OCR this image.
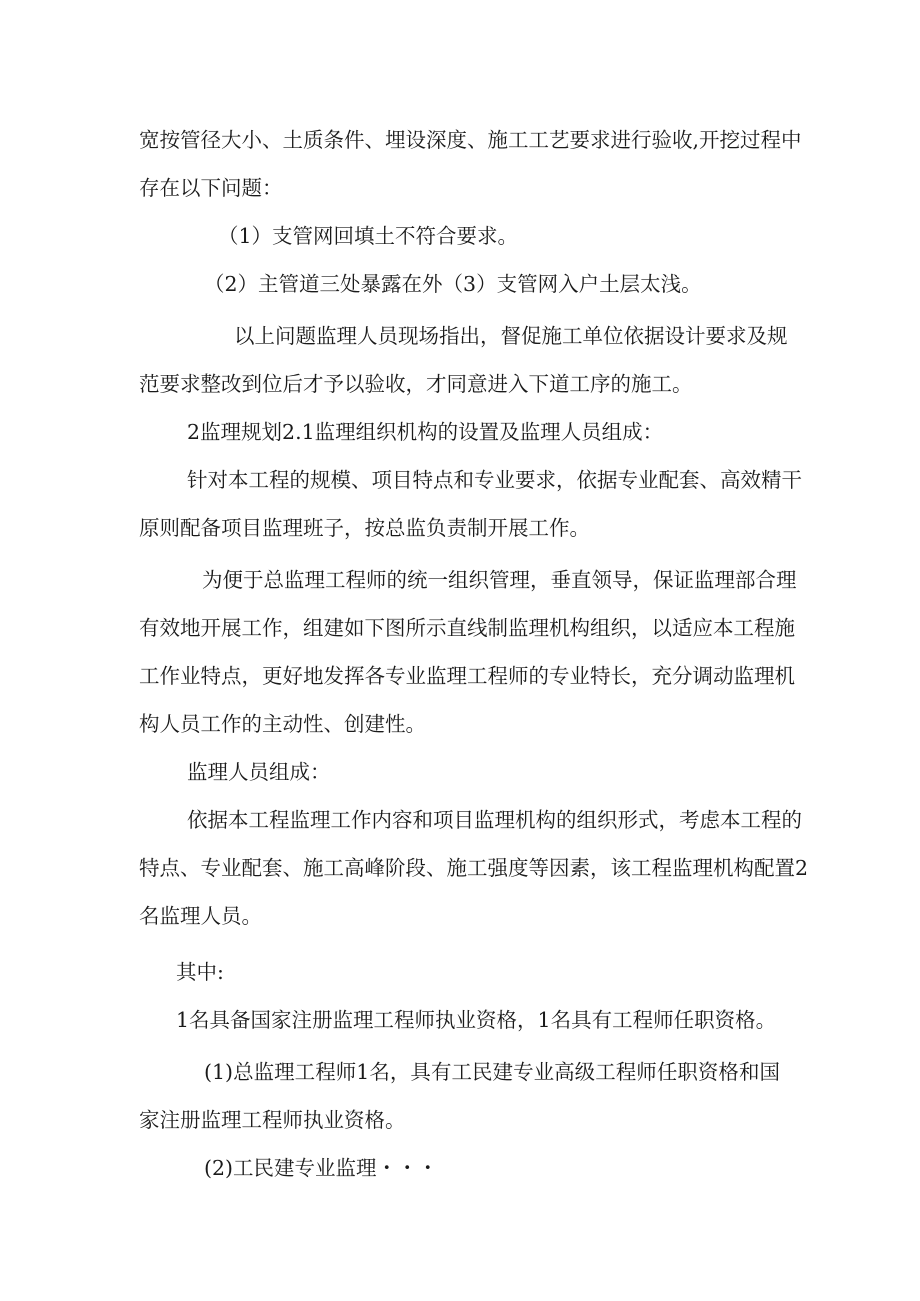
宽按管径大小、土质条件、埋设深度、施工工艺要求进行验收,开挖过程中

存在以下问题：

（1）支管网回填土不符合要求。

（2）主管道三处暴露在外（3）支管网入户土层太浅。

以上问题监理人员现场指出，督促施工单位依据设计要求及规

范要求整改到位后才予以验收，才同意进入下道工序的施工。

2监理规划2.1监理组织机构的设置及监理人员组成：

针对本工程的规模、项目特点和专业要求，依据专业配套、高效精干

原则配备项目监理班子，按总监负责制开展工作。

为便于总监理工程师的统一组织管理，垂直领导，保证监理部合理

有效地开展工作，组建如下图所示直线制监理机构组织，以适应本工程施

工作业特点，更好地发挥各专业监理工程师的专业特长，充分调动监理机

构人员工作的主动性、创建性。

监理人员组成：

依据本工程监理工作内容和项目监理机构的组织形式，考虑本工程的

特点、专业配套、施工高峰阶段、施工强度等因素，该工程监理机构配置2

名监理人员。

其中:

1名具备国家注册监理工程师执业资格，1名具有工程师任职资格。

(1)总监理工程师1名，具有工民建专业高级工程师任职资格和国

家注册监理工程师执业资格。

(2)工民建专业监理・・・
